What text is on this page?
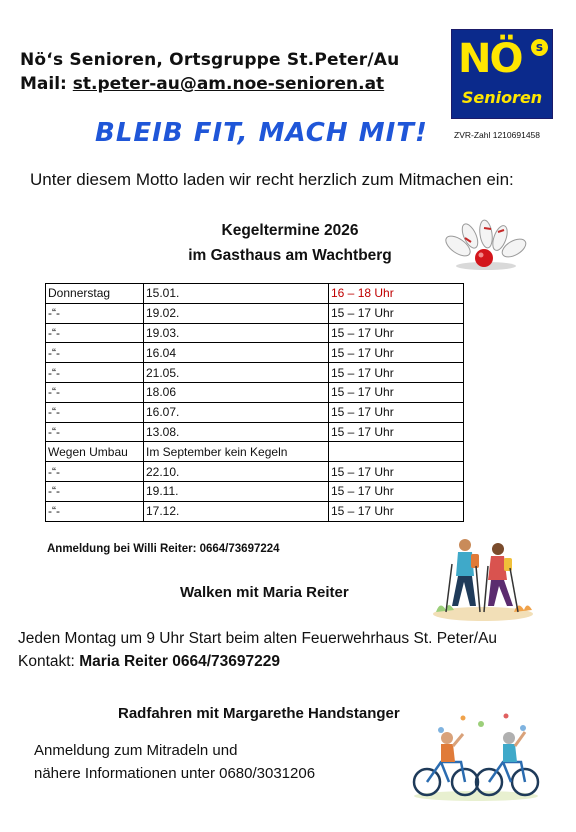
Nö‘s Senioren, Ortsgruppe St.Peter/Au
Mail: st.peter-au@am.noe-senioren.at
NÖ	s
Senioren
ZVR-Zahl 1210691458
BLEIB FIT, MACH MIT!
Unter diesem Motto laden wir recht herzlich zum Mitmachen ein:
Kegeltermine 2026
im Gasthaus am Wachtberg
Donnerstag	15.01.	16 – 18 Uhr
-“-	19.02.	15 – 17 Uhr
-“-	19.03.	15 – 17 Uhr
-“-	16.04	15 – 17 Uhr
-“-	21.05.	15 – 17 Uhr
-“-	18.06	15 – 17 Uhr
-“-	16.07.	15 – 17 Uhr
-“-	13.08.	15 – 17 Uhr
Wegen Umbau	Im September kein Kegeln	
-“-	22.10.	15 – 17 Uhr
-“-	19.11.	15 – 17 Uhr
-“-	17.12.	15 – 17 Uhr
Anmeldung bei Willi Reiter: 0664/73697224
Walken mit Maria Reiter
Jeden Montag um 9 Uhr Start beim alten Feuerwehrhaus St. Peter/Au
Kontakt: Maria Reiter 0664/73697229
Radfahren mit Margarethe Handstanger
Anmeldung zum Mitradeln und
nähere Informationen unter 0680/3031206
